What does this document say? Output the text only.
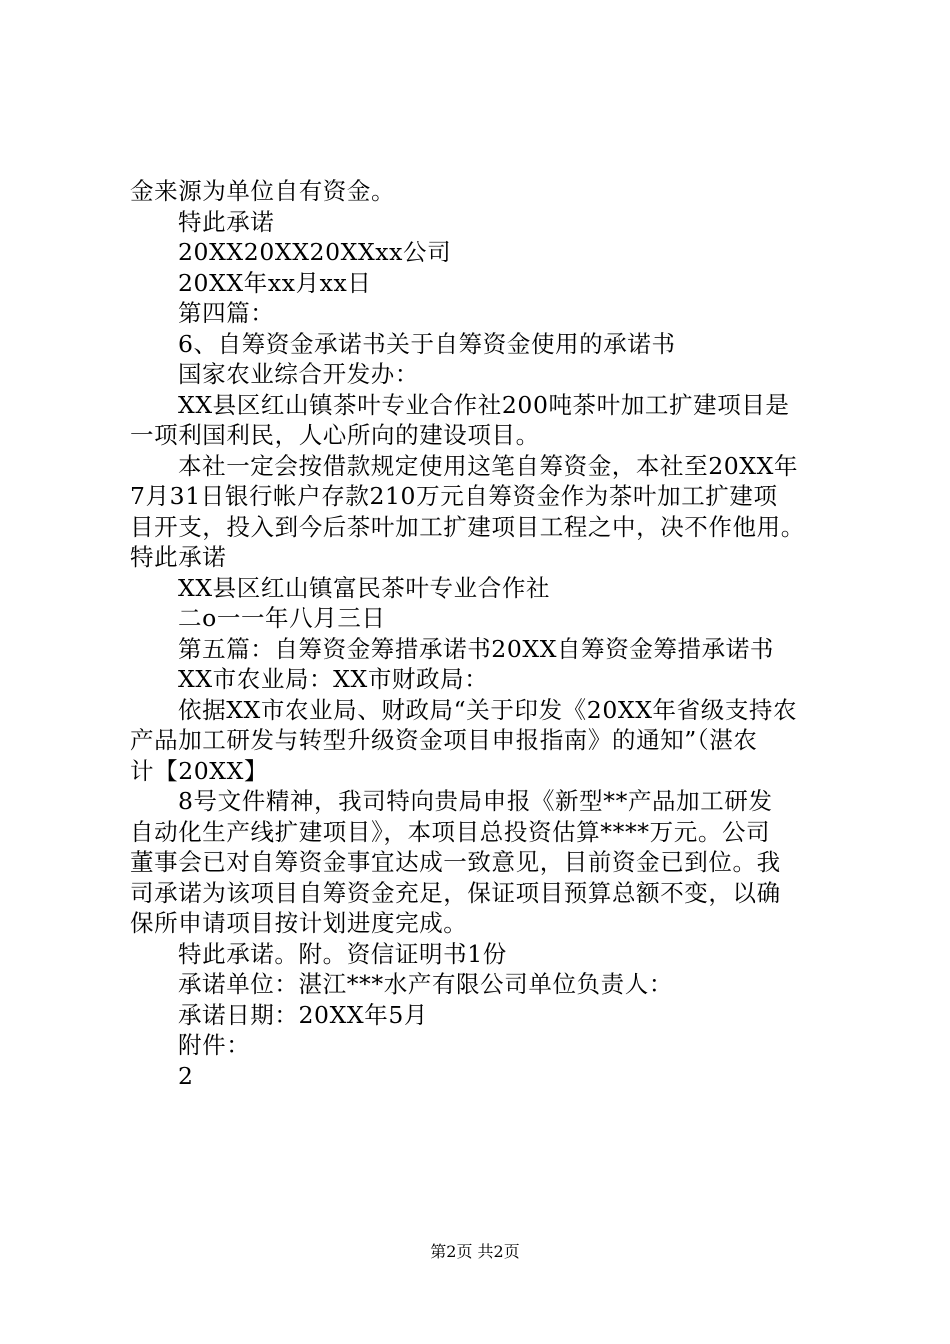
金来源为单位自有资金。
特此承诺
20XX20XX20XXxx公司
20XX年xx月xx日
第四篇：
6、自筹资金承诺书关于自筹资金使用的承诺书
国家农业综合开发办：
XX县区红山镇茶叶专业合作社200吨茶叶加工扩建项目是
一项利国利民，人心所向的建设项目。
本社一定会按借款规定使用这笔自筹资金，本社至20XX年
7月31日银行帐户存款210万元自筹资金作为茶叶加工扩建项
目开支，投入到今后茶叶加工扩建项目工程之中，决不作他用。
特此承诺
XX县区红山镇富民茶叶专业合作社
二o一一年八月三日
第五篇：自筹资金筹措承诺书20XX自筹资金筹措承诺书
XX市农业局：XX市财政局：
依据XX市农业局、财政局“关于印发《20XX年省级支持农
产品加工研发与转型升级资金项目申报指南》的通知”（湛农
计【20XX】
8号文件精神，我司特向贵局申报《新型**产品加工研发
自动化生产线扩建项目》，本项目总投资估算****万元。公司
董事会已对自筹资金事宜达成一致意见，目前资金已到位。我
司承诺为该项目自筹资金充足，保证项目预算总额不变，以确
保所申请项目按计划进度完成。
特此承诺。附。资信证明书1份
承诺单位：湛江***水产有限公司单位负责人：
承诺日期：20XX年5月
附件：
2
第2页 共2页
